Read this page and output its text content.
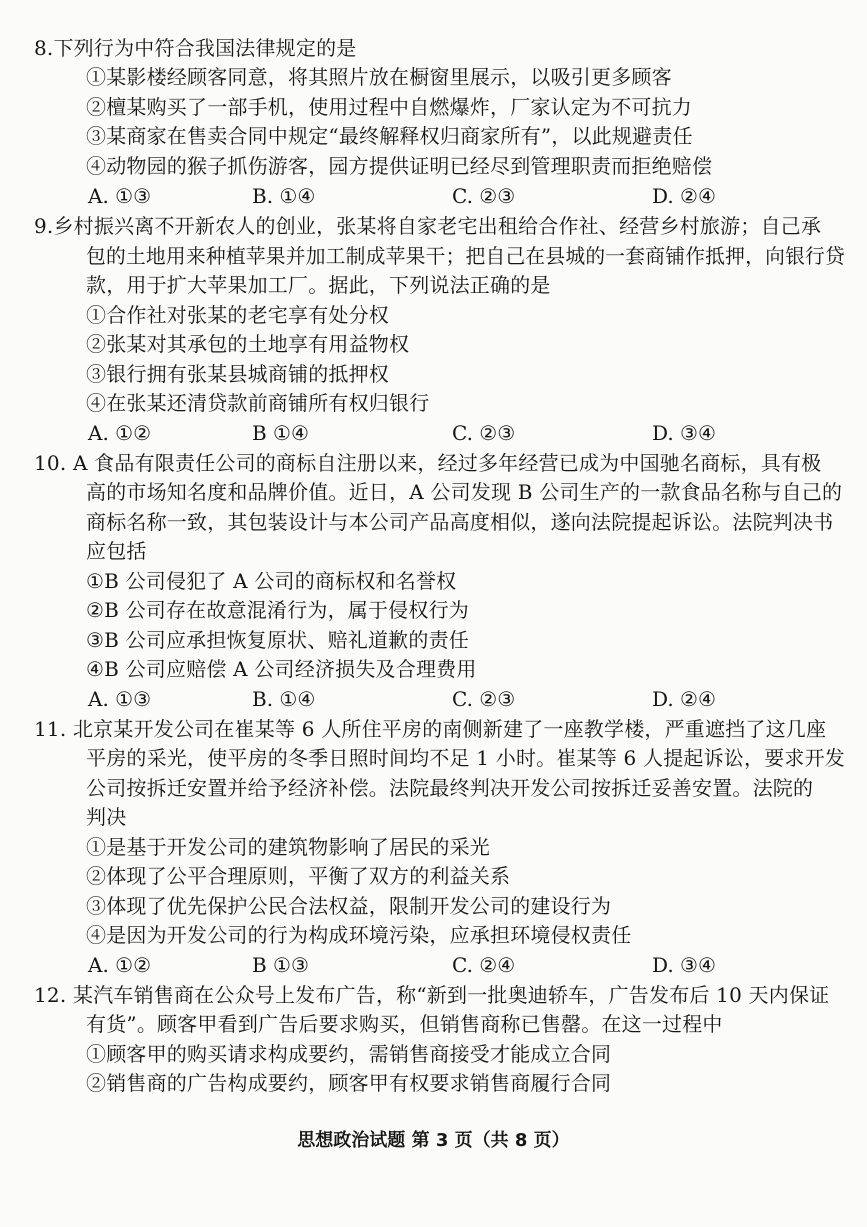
8.下列行为中符合我国法律规定的是
①某影楼经顾客同意，将其照片放在橱窗里展示，以吸引更多顾客
②檀某购买了一部手机，使用过程中自燃爆炸，厂家认定为不可抗力
③某商家在售卖合同中规定“最终解释权归商家所有”，以此规避责任
④动物园的猴子抓伤游客，园方提供证明已经尽到管理职责而拒绝赔偿
A. ①③	B. ①④	C. ②③	D. ②④
9.乡村振兴离不开新农人的创业，张某将自家老宅出租给合作社、经营乡村旅游；自己承
包的土地用来种植苹果并加工制成苹果干；把自己在县城的一套商铺作抵押，向银行贷
款，用于扩大苹果加工厂。据此，下列说法正确的是
①合作社对张某的老宅享有处分权
②张某对其承包的土地享有用益物权
③银行拥有张某县城商铺的抵押权
④在张某还清贷款前商铺所有权归银行
A. ①②	B ①④	C. ②③	D. ③④
10. A 食品有限责任公司的商标自注册以来，经过多年经营已成为中国驰名商标，具有极
高的市场知名度和品牌价值。近日，A 公司发现 B 公司生产的一款食品名称与自己的
商标名称一致，其包装设计与本公司产品高度相似，遂向法院提起诉讼。法院判决书
应包括
①B 公司侵犯了 A 公司的商标权和名誉权
②B 公司存在故意混淆行为，属于侵权行为
③B 公司应承担恢复原状、赔礼道歉的责任
④B 公司应赔偿 A 公司经济损失及合理费用
A. ①③	B. ①④	C. ②③	D. ②④
11. 北京某开发公司在崔某等 6 人所住平房的南侧新建了一座教学楼，严重遮挡了这几座
平房的采光，使平房的冬季日照时间均不足 1 小时。崔某等 6 人提起诉讼，要求开发
公司按拆迁安置并给予经济补偿。法院最终判决开发公司按拆迁妥善安置。法院的
判决
①是基于开发公司的建筑物影响了居民的采光
②体现了公平合理原则，平衡了双方的利益关系
③体现了优先保护公民合法权益，限制开发公司的建设行为
④是因为开发公司的行为构成环境污染，应承担环境侵权责任
A. ①②	B ①③	C. ②④	D. ③④
12. 某汽车销售商在公众号上发布广告，称“新到一批奥迪轿车，广告发布后 10 天内保证
有货”。顾客甲看到广告后要求购买，但销售商称已售罄。在这一过程中
①顾客甲的购买请求构成要约，需销售商接受才能成立合同
②销售商的广告构成要约，顾客甲有权要求销售商履行合同
思想政治试题 第 3 页（共 8 页）
